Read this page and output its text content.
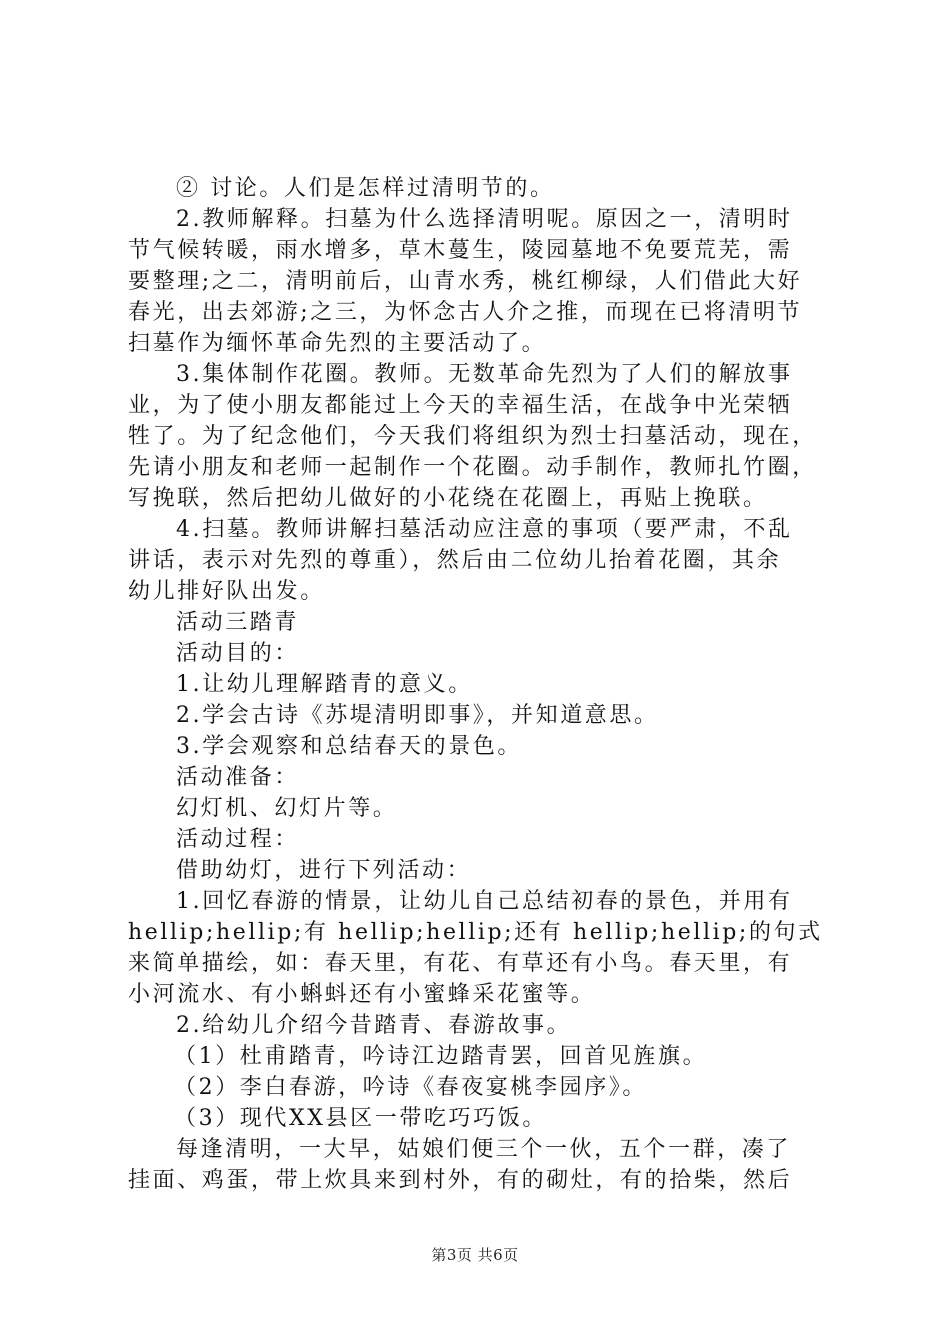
② 讨论。人们是怎样过清明节的。
2.教师解释。扫墓为什么选择清明呢。原因之一，清明时
节气候转暖，雨水增多，草木蔓生，陵园墓地不免要荒芜，需
要整理;之二，清明前后，山青水秀，桃红柳绿，人们借此大好
春光，出去郊游;之三，为怀念古人介之推，而现在已将清明节
扫墓作为缅怀革命先烈的主要活动了。
3.集体制作花圈。教师。无数革命先烈为了人们的解放事
业，为了使小朋友都能过上今天的幸福生活，在战争中光荣牺
牲了。为了纪念他们，今天我们将组织为烈士扫墓活动，现在，
先请小朋友和老师一起制作一个花圈。动手制作，教师扎竹圈，
写挽联，然后把幼儿做好的小花绕在花圈上，再贴上挽联。
4.扫墓。教师讲解扫墓活动应注意的事项（要严肃，不乱
讲话，表示对先烈的尊重），然后由二位幼儿抬着花圈，其余
幼儿排好队出发。
活动三踏青
活动目的：
1.让幼儿理解踏青的意义。
2.学会古诗《苏堤清明即事》，并知道意思。
3.学会观察和总结春天的景色。
活动准备：
幻灯机、幻灯片等。
活动过程：
借助幼灯，进行下列活动：
1.回忆春游的情景，让幼儿自己总结初春的景色，并用有
hellip;hellip;有 hellip;hellip;还有 hellip;hellip;的句式
来简单描绘，如：春天里，有花、有草还有小鸟。春天里，有
小河流水、有小蝌蚪还有小蜜蜂采花蜜等。
2.给幼儿介绍今昔踏青、春游故事。
（1）杜甫踏青，吟诗江边踏青罢，回首见旌旗。
（2）李白春游，吟诗《春夜宴桃李园序》。
（3）现代XX县区一带吃巧巧饭。
每逢清明，一大早，姑娘们便三个一伙，五个一群，凑了
挂面、鸡蛋，带上炊具来到村外，有的砌灶，有的拾柴，然后
第3页 共6页
